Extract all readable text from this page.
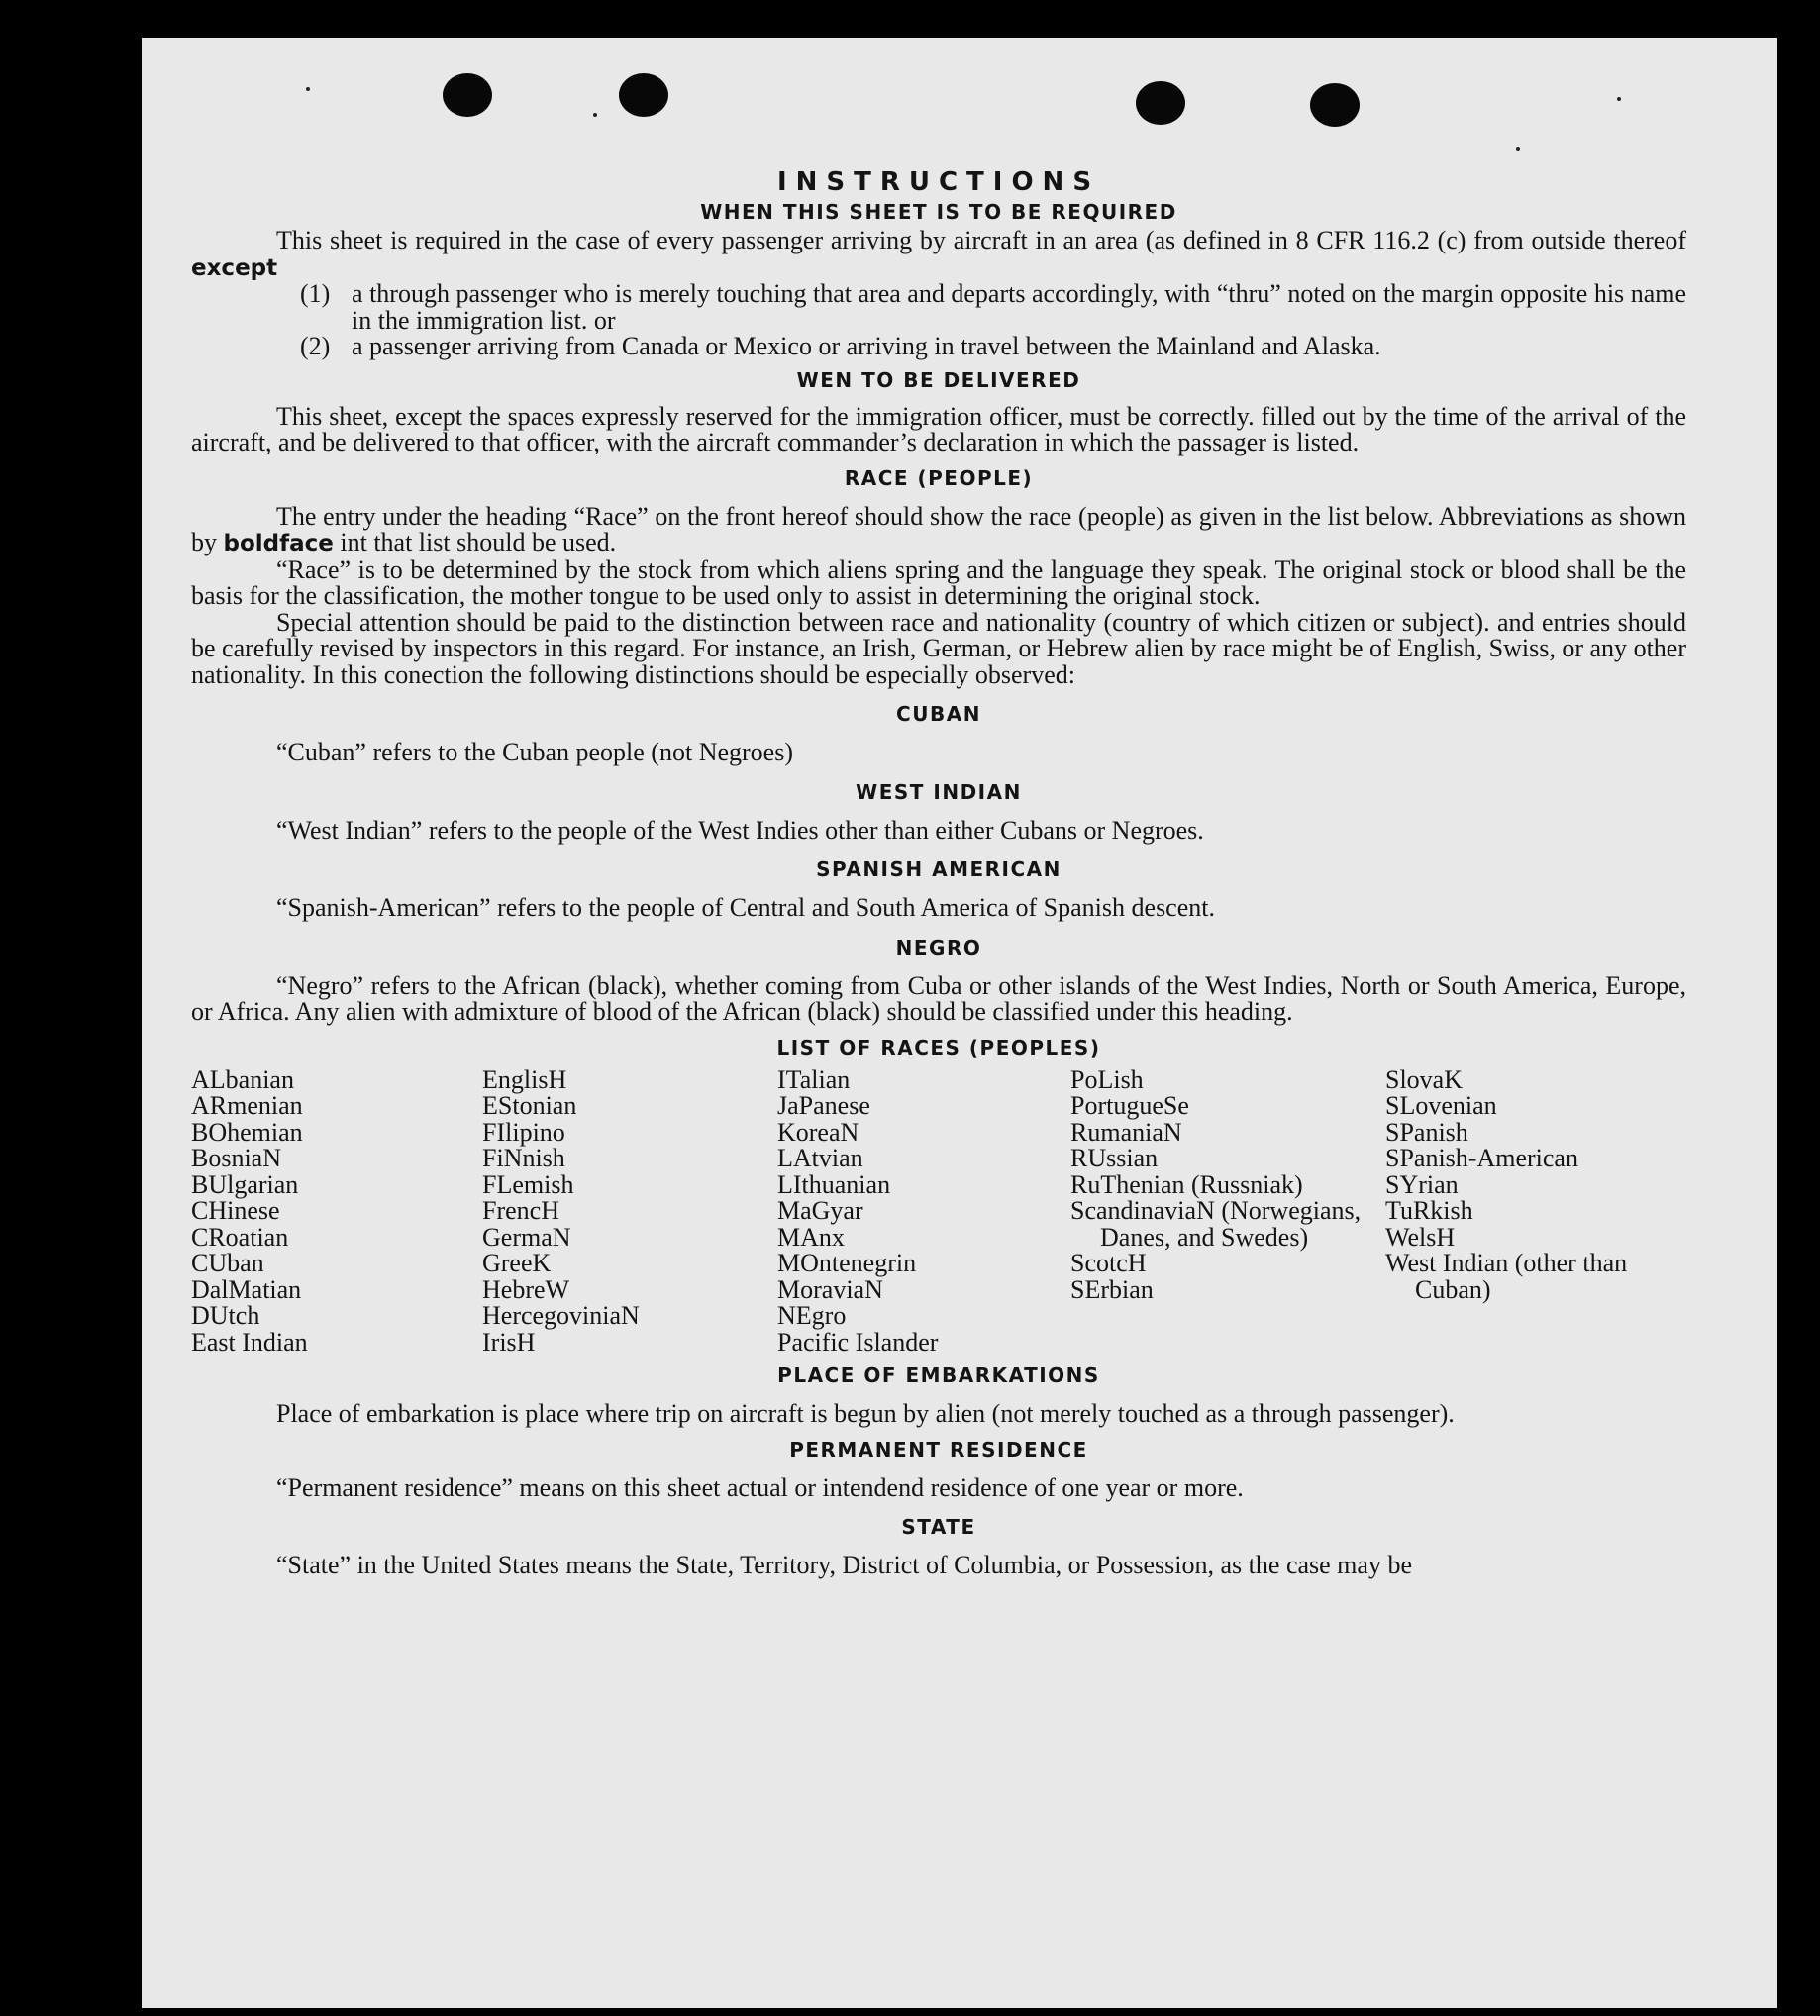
INSTRUCTIONS
WHEN THIS SHEET IS TO BE REQUIRED

This sheet is required in the case of every passenger arriving by aircraft in an area (as defined in 8 CFR 116.2 (c) from outside thereof except

(1) a through passenger who is merely touching that area and departs accordingly, with “thru” noted on the margin opposite his name in the immigration list. or
(2) a passenger arriving from Canada or Mexico or arriving in travel between the Mainland and Alaska.
WEN TO BE DELIVERED

This sheet, except the spaces expressly reserved for the immigration officer, must be correctly. filled out by the time of the arrival of the aircraft, and be delivered to that officer, with the aircraft commander’s declaration in which the passager is listed.

RACE (PEOPLE)

The entry under the heading “Race” on the front hereof should show the race (people) as given in the list below. Abbreviations as shown by boldface int that list should be used.

“Race” is to be determined by the stock from which aliens spring and the language they speak. The original stock or blood shall be the basis for the classification, the mother tongue to be used only to assist in determining the original stock.

Special attention should be paid to the distinction between race and nationality (country of which citizen or subject). and entries should be carefully revised by inspectors in this regard. For instance, an Irish, German, or Hebrew alien by race might be of English, Swiss, or any other nationality. In this conection the following distinctions should be especially observed:

CUBAN

“Cuban” refers to the Cuban people (not Negroes)

WEST INDIAN

“West Indian” refers to the people of the West Indies other than either Cubans or Negroes.

SPANISH AMERICAN

“Spanish-American” refers to the people of Central and South America of Spanish descent.

NEGRO

“Negro” refers to the African (black), whether coming from Cuba or other islands of the West Indies, North or South America, Europe, or Africa. Any alien with admixture of blood of the African (black) should be classified under this heading.

LIST OF RACES (PEOPLES)
ALbanian
ARmenian
BOhemian
BosniaN
BUlgarian
CHinese
CRoatian
CUban
DalMatian
DUtch
East Indian
EnglisH
EStonian
FIlipino
FiNnish
FLemish
FrencH
GermaN
GreeK
HebreW
HercegoviniaN
IrisH
ITalian
JaPanese
KoreaN
LAtvian
LIthuanian
MaGyar
MAnx
MOntenegrin
MoraviaN
NEgro
Pacific Islander
PoLish
PortugueSe
RumaniaN
RUssian
RuThenian (Russniak)
ScandinaviaN (Norwegians, Danes, and Swedes)
ScotcH
SErbian
SlovaK
SLovenian
SPanish
SPanish-American
SYrian
TuRkish
WelsH
West Indian (other than Cuban)
PLACE OF EMBARKATIONS

Place of embarkation is place where trip on aircraft is begun by alien (not merely touched as a through passenger).

PERMANENT RESIDENCE

“Permanent residence” means on this sheet actual or intendend residence of one year or more.

STATE

“State” in the United States means the State, Territory, District of Columbia, or Possession, as the case may be
